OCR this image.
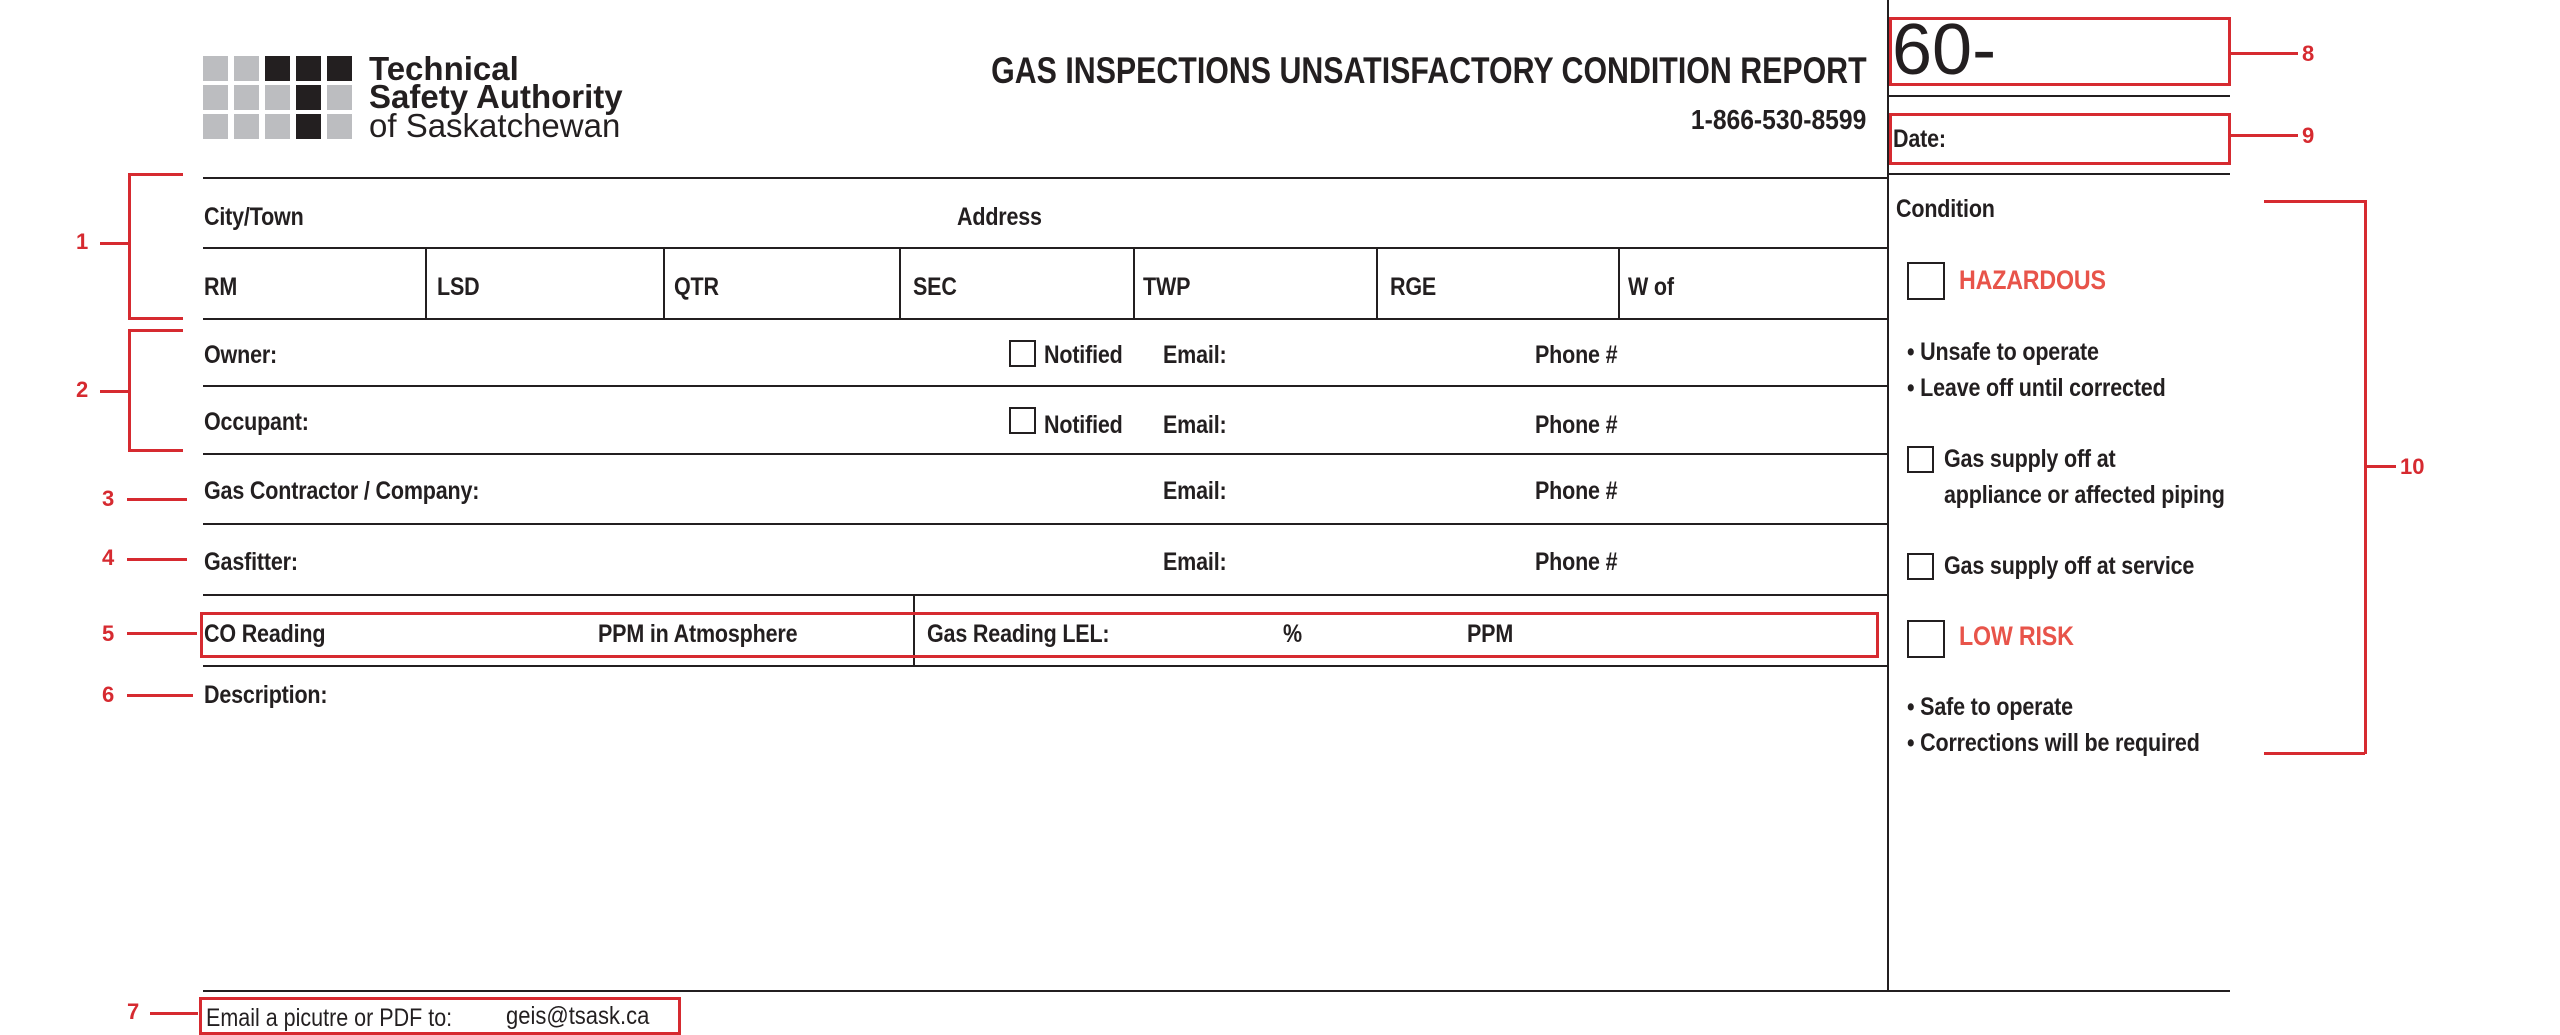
Technical
Safety Authority
of Saskatchewan
GAS INSPECTIONS UNSATISFACTORY CONDITION REPORT
1-866-530-8599
60-
Date:
City/Town	Address
RM	LSD	QTR	SEC	TWP	RGE	W of
Owner:	Notified Email:	Phone #
Occupant:	Notified Email:	Phone #
Gas Contractor / Company:	Email:	Phone #
Gasfitter:	Email:	Phone #
CO Reading	PPM in Atmosphere	Gas Reading LEL:	%	PPM
Description:
Condition
HAZARDOUS
• Unsafe to operate
• Leave off until corrected
Gas supply off at
appliance or affected piping
Gas supply off at service
LOW RISK
• Safe to operate
• Corrections will be required
Email a picutre or PDF to: geis@tsask.ca
1
2
3
4
5
6
7
8
9
10
